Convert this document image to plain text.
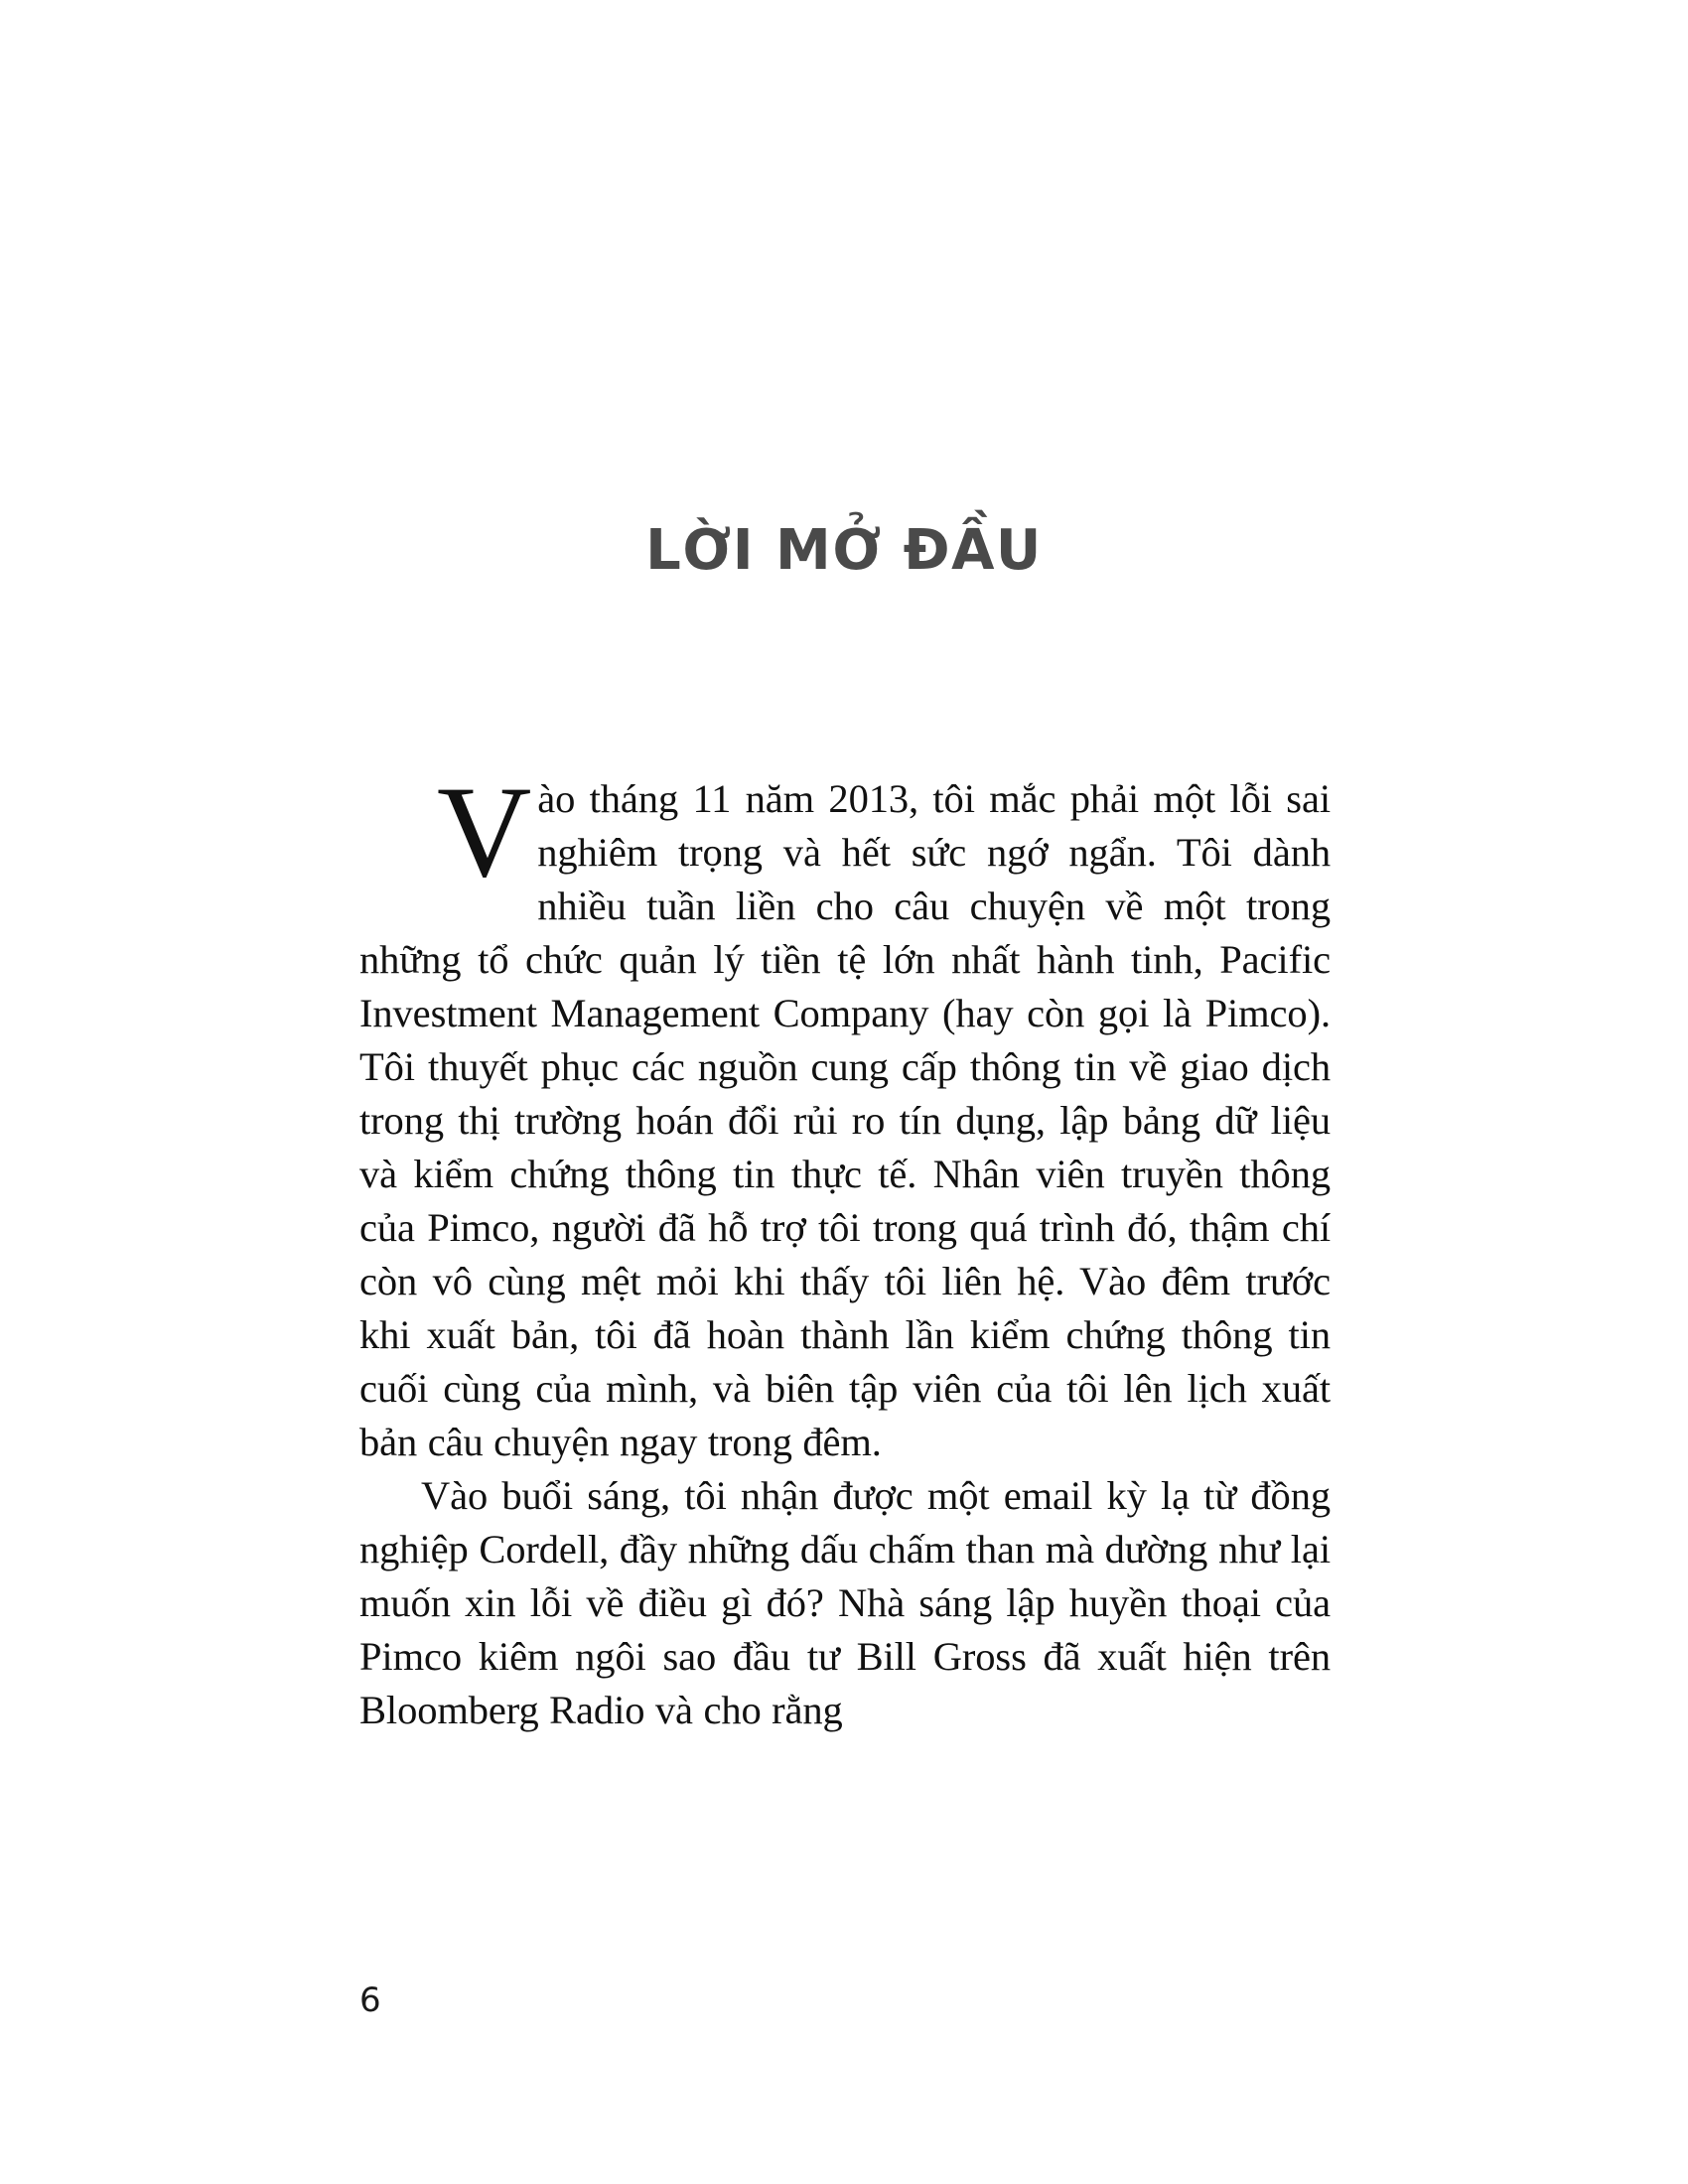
LỜI MỞ ĐẦU

Vào tháng 11 năm 2013, tôi mắc phải một lỗi sai nghiêm trọng và hết sức ngớ ngẩn. Tôi dành nhiều tuần liền cho câu chuyện về một trong những tổ chức quản lý tiền tệ lớn nhất hành tinh, Pacific Investment Management Company (hay còn gọi là Pimco). Tôi thuyết phục các nguồn cung cấp thông tin về giao dịch trong thị trường hoán đổi rủi ro tín dụng, lập bảng dữ liệu và kiểm chứng thông tin thực tế. Nhân viên truyền thông của Pimco, người đã hỗ trợ tôi trong quá trình đó, thậm chí còn vô cùng mệt mỏi khi thấy tôi liên hệ. Vào đêm trước khi xuất bản, tôi đã hoàn thành lần kiểm chứng thông tin cuối cùng của mình, và biên tập viên của tôi lên lịch xuất bản câu chuyện ngay trong đêm.

Vào buổi sáng, tôi nhận được một email kỳ lạ từ đồng nghiệp Cordell, đầy những dấu chấm than mà dường như lại muốn xin lỗi về điều gì đó? Nhà sáng lập huyền thoại của Pimco kiêm ngôi sao đầu tư Bill Gross đã xuất hiện trên Bloomberg Radio và cho rằng

6
